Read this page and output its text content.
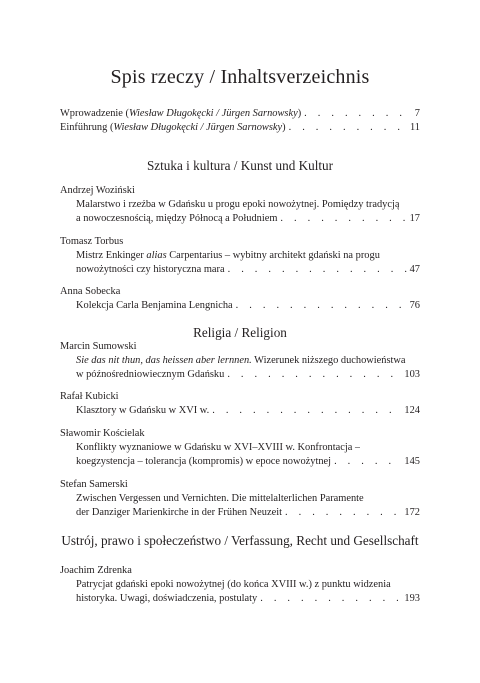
Spis rzeczy / Inhaltsverzeichnis
Wprowadzenie (Wiesław Długokęcki / Jürgen Sarnowsky) . . .	7
Einführung (Wiesław Długokęcki / Jürgen Sarnowsky) . . .	11
Sztuka i kultura / Kunst und Kultur
Andrzej Woziński
Malarstwo i rzeźba w Gdańsku u progu epoki nowożytnej. Pomiędzy tradycją
a nowoczesnością, między Północą a Południem . . .	17
Tomasz Torbus
Mistrz Enkinger alias Carpentarius – wybitny architekt gdański na progu
nowożytności czy historyczna mara . . .	47
Anna Sobecka
Kolekcja Carla Benjamina Lengnicha . . .	76
Religia / Religion
Marcin Sumowski
Sie das nit thun, das heissen aber lernnen. Wizerunek niższego duchowieństwa
w późnośredniowiecznym Gdańsku . . .	103
Rafał Kubicki
Klasztory w Gdańsku w XVI w. . . .	124
Sławomir Kościelak
Konflikty wyznaniowe w Gdańsku w XVI–XVIII w. Konfrontacja –
koegzystencja – tolerancja (kompromis) w epoce nowożytnej . . .	145
Stefan Samerski
Zwischen Vergessen und Vernichten. Die mittelalterlichen Paramente
der Danziger Marienkirche in der Frühen Neuzeit . . .	172
Ustrój, prawo i społeczeństwo / Verfassung, Recht und Gesellschaft
Joachim Zdrenka
Patrycjat gdański epoki nowożytnej (do końca XVIII w.) z punktu widzenia
historyka. Uwagi, doświadczenia, postulaty . . .	193
